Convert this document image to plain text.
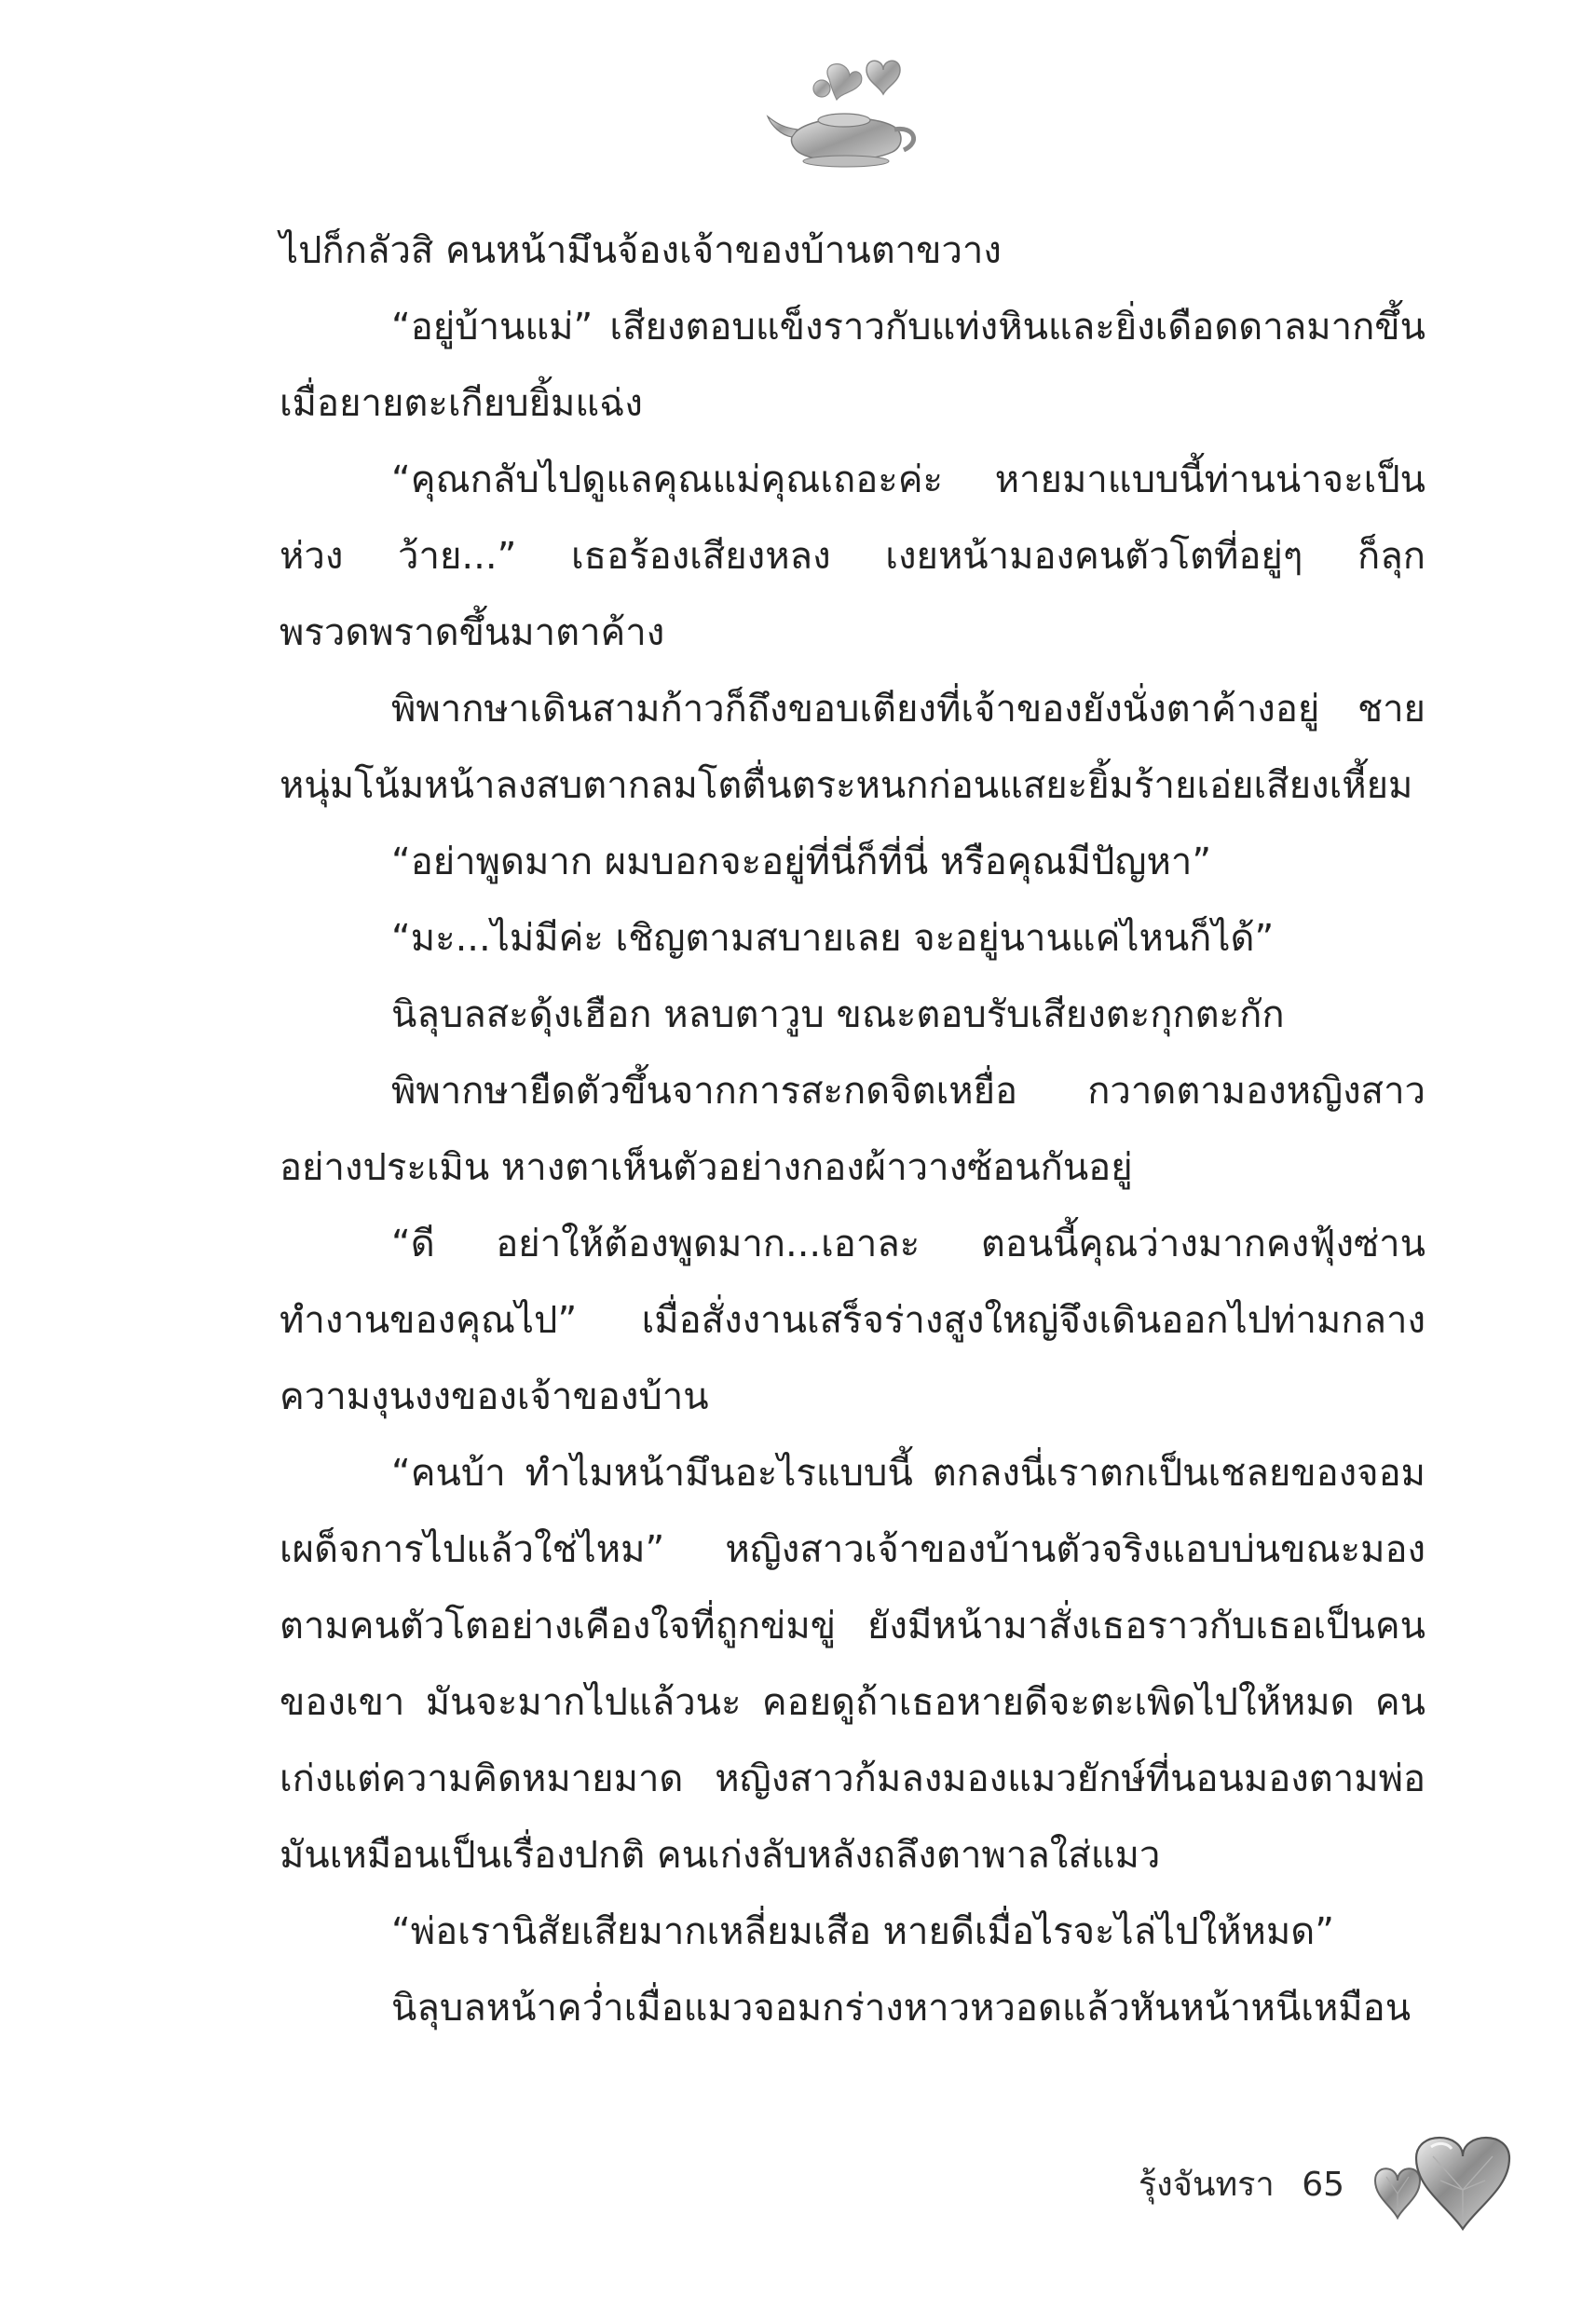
ไปก็กลัวสิ คนหน้ามึนจ้องเจ้าของบ้านตาขวาง

“อยู่บ้านแม่” เสียงตอบแข็งราวกับแท่งหินและยิ่งเดือดดาลมากขึ้นเมื่อยายตะเกียบยิ้มแฉ่ง

“คุณกลับไปดูแลคุณแม่คุณเถอะค่ะ หายมาแบบนี้ท่านน่าจะเป็นห่วง ว้าย...” เธอร้องเสียงหลง เงยหน้ามองคนตัวโตที่อยู่ๆ ก็ลุกพรวดพราดขึ้นมาตาค้าง

พิพากษาเดินสามก้าวก็ถึงขอบเตียงที่เจ้าของยังนั่งตาค้างอยู่ ชายหนุ่มโน้มหน้าลงสบตากลมโตตื่นตระหนกก่อนแสยะยิ้มร้ายเอ่ยเสียงเหี้ยม

“อย่าพูดมาก ผมบอกจะอยู่ที่นี่ก็ที่นี่ หรือคุณมีปัญหา”

“มะ...ไม่มีค่ะ เชิญตามสบายเลย จะอยู่นานแค่ไหนก็ได้”

นิลุบลสะดุ้งเฮือก หลบตาวูบ ขณะตอบรับเสียงตะกุกตะกัก

พิพากษายืดตัวขึ้นจากการสะกดจิตเหยื่อ กวาดตามองหญิงสาวอย่างประเมิน หางตาเห็นตัวอย่างกองผ้าวางซ้อนกันอยู่

“ดี อย่าให้ต้องพูดมาก...เอาละ ตอนนี้คุณว่างมากคงฟุ้งซ่าน ทำงานของคุณไป” เมื่อสั่งงานเสร็จร่างสูงใหญ่จึงเดินออกไปท่ามกลางความงุนงงของเจ้าของบ้าน

“คนบ้า ทำไมหน้ามึนอะไรแบบนี้ ตกลงนี่เราตกเป็นเชลยของจอมเผด็จการไปแล้วใช่ไหม” หญิงสาวเจ้าของบ้านตัวจริงแอบบ่นขณะมองตามคนตัวโตอย่างเคืองใจที่ถูกข่มขู่ ยังมีหน้ามาสั่งเธอราวกับเธอเป็นคนของเขา มันจะมากไปแล้วนะ คอยดูถ้าเธอหายดีจะตะเพิดไปให้หมด คนเก่งแต่ความคิดหมายมาด หญิงสาวก้มลงมองแมวยักษ์ที่นอนมองตามพ่อมันเหมือนเป็นเรื่องปกติ คนเก่งลับหลังถลึงตาพาลใส่แมว

“พ่อเรานิสัยเสียมากเหลี่ยมเสือ หายดีเมื่อไรจะไล่ไปให้หมด”

นิลุบลหน้าคว่ำเมื่อแมวจอมกร่างหาวหวอดแล้วหันหน้าหนีเหมือน

รุ้งจันทรา 65
